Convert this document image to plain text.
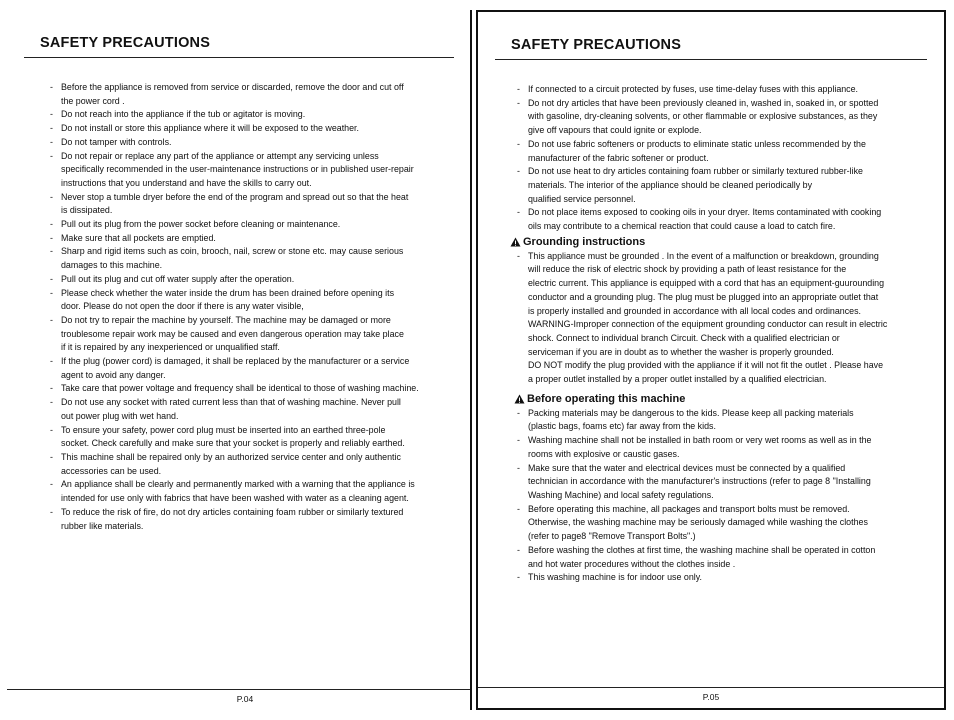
SAFETY PRECAUTIONS
- Before the appliance is removed from service or discarded, remove the door and cut off
the power cord .
- Do not reach into the appliance if the tub or agitator is moving.
- Do not install or store this appliance where it will be exposed to the weather.
- Do not tamper with controls.
- Do not repair or replace any part of the appliance or attempt any servicing unless
specifically recommended in the user-maintenance instructions or in published user-repair
instructions that you understand and have the skills to carry out.
- Never stop a tumble dryer before the end of the program and spread out so that the heat
is dissipated.
- Pull out its plug from the power socket before cleaning or maintenance.
- Make sure that all pockets are emptied.
- Sharp and rigid items such as coin, brooch, nail, screw or stone etc. may cause serious
damages to this machine.
- Pull out its plug and cut off water supply after the operation.
- Please check whether the water inside the drum has been drained before opening its
door. Please do not open the door if there is any water visible,
- Do not try to repair the machine by yourself. The machine may be damaged or more
troublesome repair work may be caused and even dangerous operation may take place
if it is repaired by any inexperienced or unqualified staff.
- If the plug (power cord) is damaged, it shall be replaced by the manufacturer or a service
agent to avoid any danger.
- Take care that power voltage and frequency shall be identical to those of washing machine.
- Do not use any socket with rated current less than that of washing machine. Never pull
out power plug with wet hand.
- To ensure your safety, power cord plug must be inserted into an earthed three-pole
socket. Check carefully and make sure that your socket is properly and reliably earthed.
- This machine shall be repaired only by an authorized service center and only authentic
accessories can be used.
- An appliance shall be clearly and permanently marked with a warning that the appliance is
intended for use only with fabrics that have been washed with water as a cleaning agent.
- To reduce the risk of fire, do not dry articles containing foam rubber or similarly textured
rubber like materials.
P.04
SAFETY PRECAUTIONS
- If connected to a circuit protected by fuses, use time-delay fuses with this appliance.
- Do not dry articles that have been previously cleaned in, washed in, soaked in, or spotted
with gasoline, dry-cleaning solvents, or other flammable or explosive substances, as they
give off vapours that could ignite or explode.
- Do not use fabric softeners or products to eliminate static unless recommended by the
manufacturer of the fabric softener or product.
- Do not use heat to dry articles containing foam rubber or similarly textured rubber-like
materials. The interior of the appliance should be cleaned periodically by
qualified service personnel.
- Do not place items exposed to cooking oils in your dryer. Items contaminated with cooking
oils may contribute to a chemical reaction that could cause a load to catch fire.
Grounding instructions
- This appliance must be grounded . In the event of a malfunction or breakdown, grounding
will reduce the risk of electric shock by providing a path of least resistance for the
electric current. This appliance is equipped with a cord that has an equipment-guurounding
conductor and a grounding plug. The plug must be plugged into an appropriate outlet that
is properly installed and grounded in accordance with all local codes and ordinances.
WARNING-Improper connection of the equipment grounding conductor can result in electric
shock. Connect to individual branch Circuit. Check with a qualified electrician or
serviceman if you are in doubt as to whether the washer is properly grounded.
DO NOT modify the plug provided with the appliance if it will not fit the outlet . Please have
a proper outlet installed by a proper outlet installed by a qualified electrician.
Before operating this machine
- Packing materials may be dangerous to the kids. Please keep all packing materials
(plastic bags, foams etc) far away from the kids.
- Washing machine shall not be installed in bath room or very wet rooms as well as in the
rooms with explosive or caustic gases.
- Make sure that the water and electrical devices must be connected by a qualified
technician in accordance with the manufacturer's instructions (refer to page 8 "Installing
Washing Machine) and local safety regulations.
- Before operating this machine, all packages and transport bolts must be removed.
Otherwise, the washing machine may be seriously damaged while washing the clothes
(refer to page8 "Remove Transport Bolts".)
- Before washing the clothes at first time, the washing machine shall be operated in cotton
and hot water procedures without the clothes inside .
- This washing machine is for indoor use only.
P.05
